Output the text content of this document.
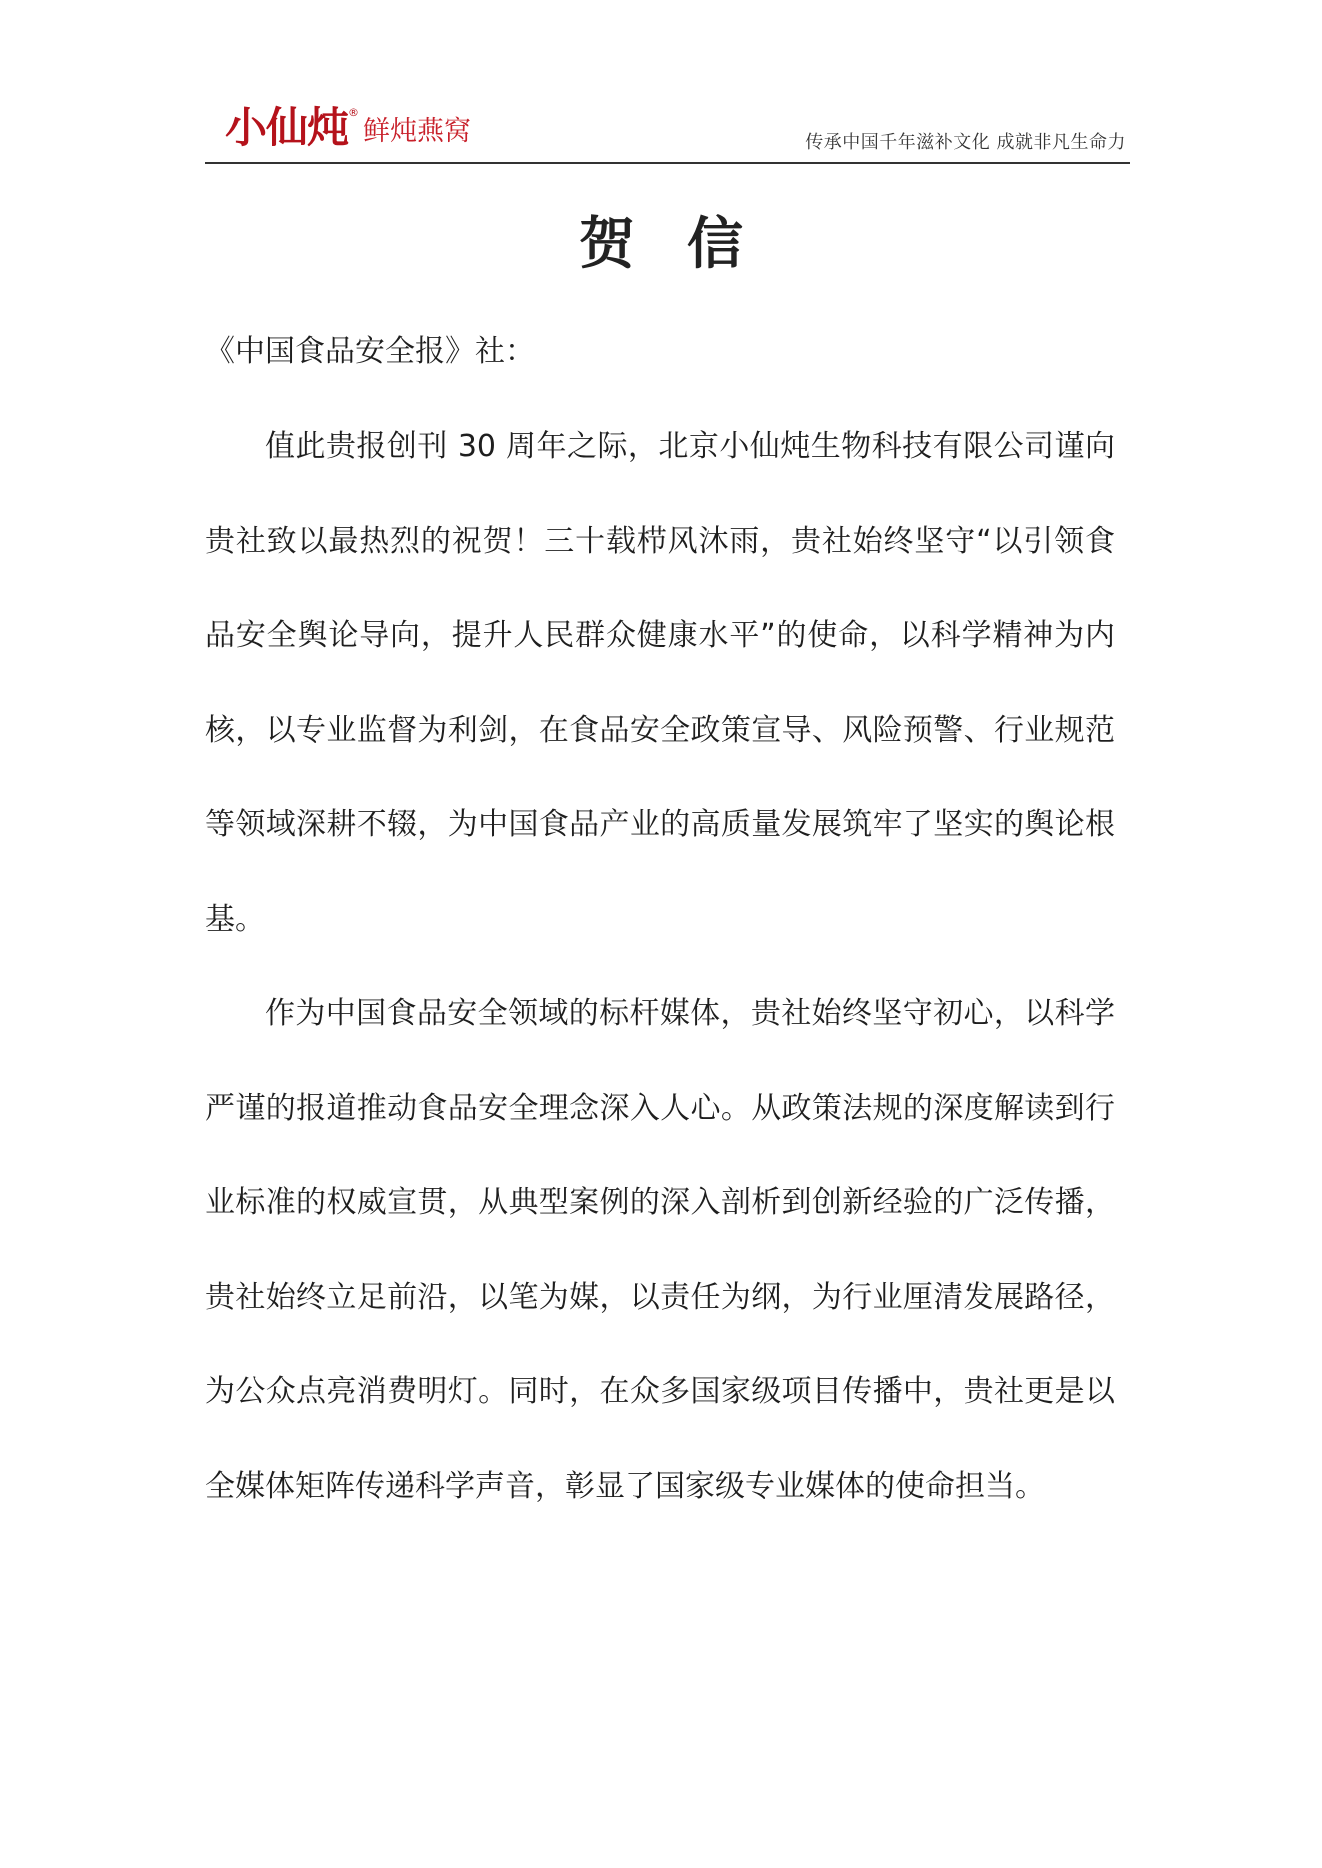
小仙炖 ®
鲜炖燕窝	传承中国千年滋补文化 成就非凡生命力
贺信

《中国食品安全报》社：

值此贵报创刊 30 周年之际，北京小仙炖生物科技有限公司谨向贵社致以最热烈的祝贺！三十载栉风沐雨，贵社始终坚守“以引领食品安全舆论导向，提升人民群众健康水平”的使命，以科学精神为内核，以专业监督为利剑，在食品安全政策宣导、风险预警、行业规范等领域深耕不辍，为中国食品产业的高质量发展筑牢了坚实的舆论根基。

作为中国食品安全领域的标杆媒体，贵社始终坚守初心，以科学严谨的报道推动食品安全理念深入人心。从政策法规的深度解读到行业标准的权威宣贯，从典型案例的深入剖析到创新经验的广泛传播，贵社始终立足前沿，以笔为媒，以责任为纲，为行业厘清发展路径，为公众点亮消费明灯。同时，在众多国家级项目传播中，贵社更是以全媒体矩阵传递科学声音，彰显了国家级专业媒体的使命担当。
